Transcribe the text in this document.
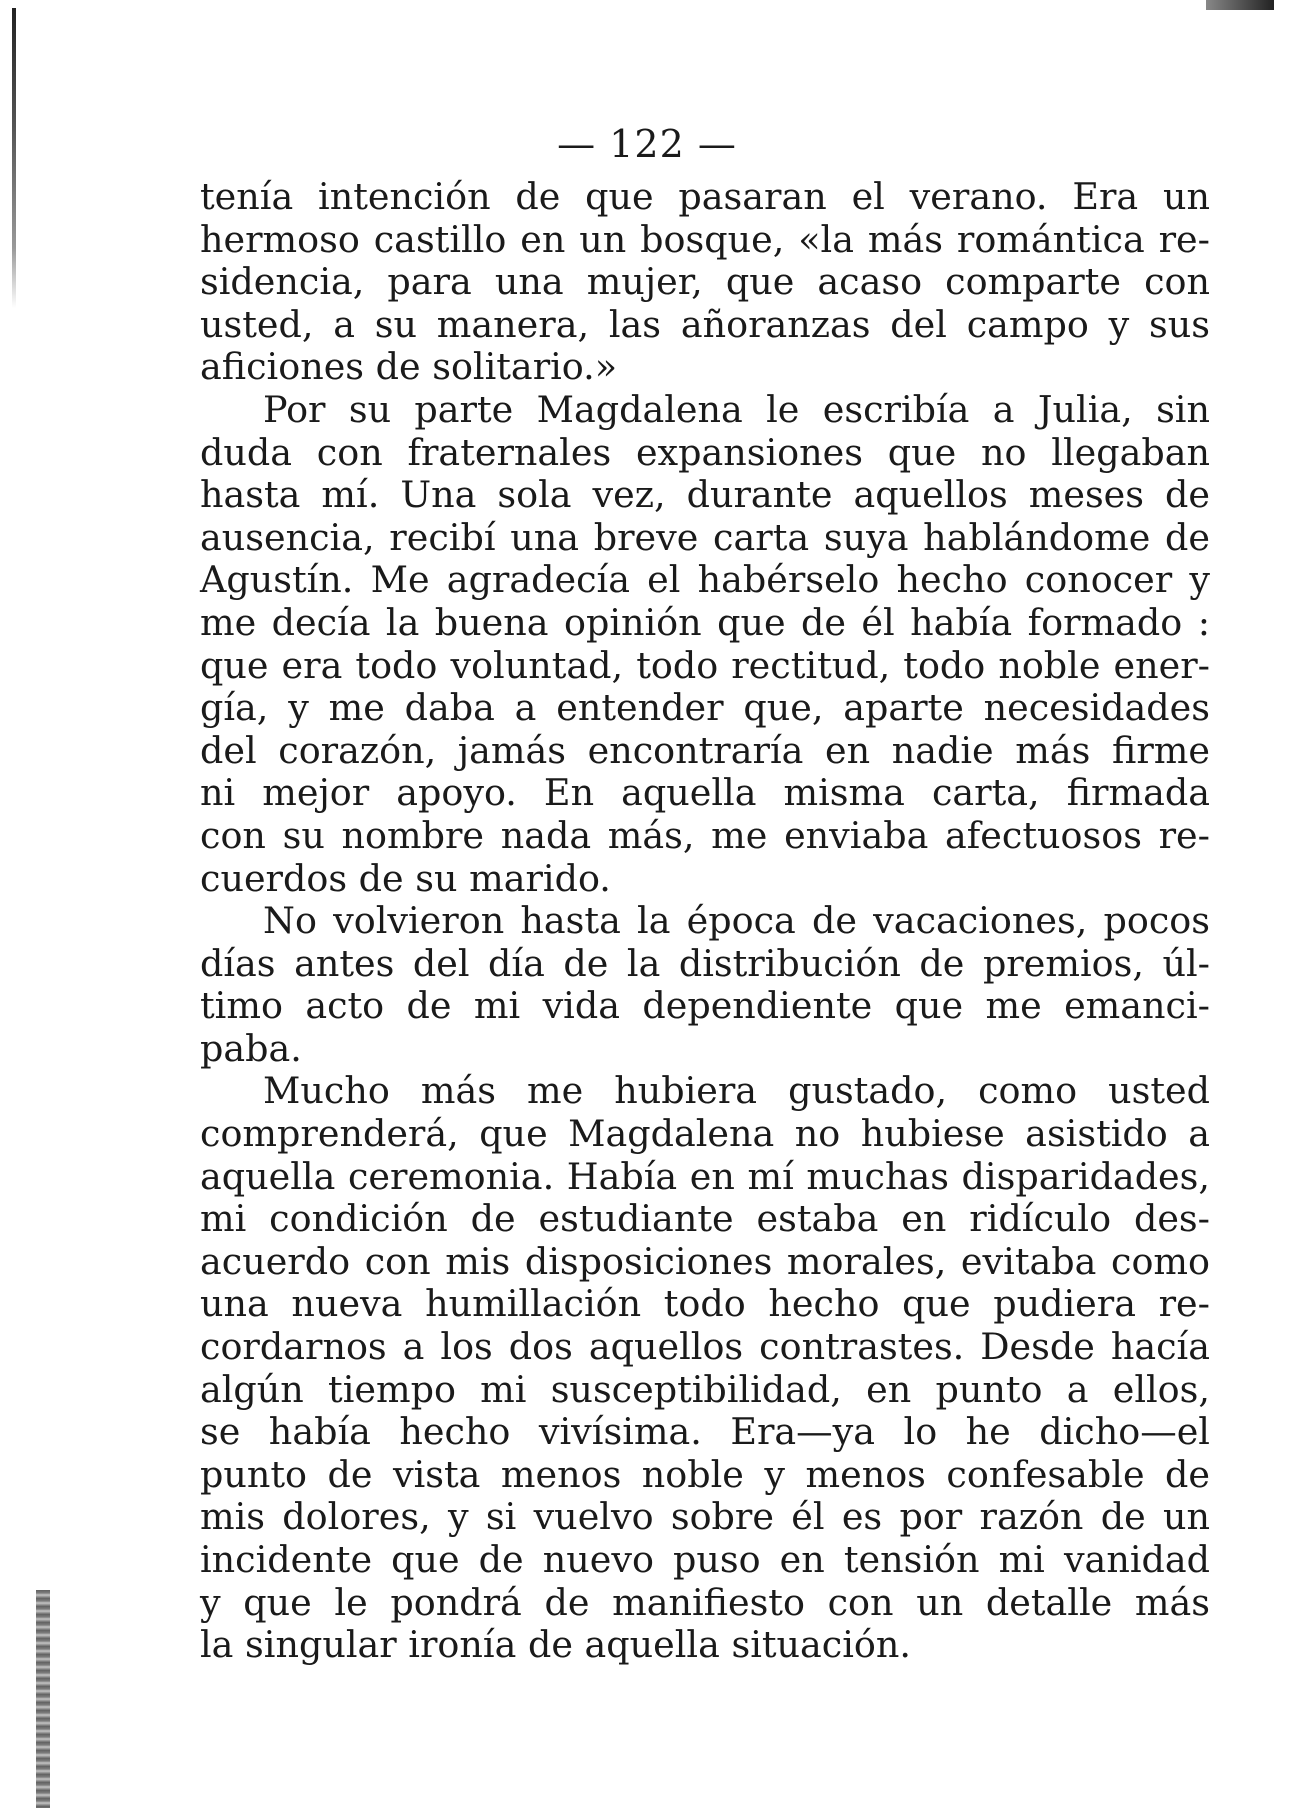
— 122 —
tenía intención de que pasaran el verano. Era un
hermoso castillo en un bosque, «la más romántica re-
sidencia, para una mujer, que acaso comparte con
usted, a su manera, las añoranzas del campo y sus
aficiones de solitario.»
Por su parte Magdalena le escribía a Julia, sin
duda con fraternales expansiones que no llegaban
hasta mí. Una sola vez, durante aquellos meses de
ausencia, recibí una breve carta suya hablándome de
Agustín. Me agradecía el habérselo hecho conocer y
me decía la buena opinión que de él había formado :
que era todo voluntad, todo rectitud, todo noble ener-
gía, y me daba a entender que, aparte necesidades
del corazón, jamás encontraría en nadie más firme
ni mejor apoyo. En aquella misma carta, firmada
con su nombre nada más, me enviaba afectuosos re-
cuerdos de su marido.
No volvieron hasta la época de vacaciones, pocos
días antes del día de la distribución de premios, úl-
timo acto de mi vida dependiente que me emanci-
paba.
Mucho más me hubiera gustado, como usted
comprenderá, que Magdalena no hubiese asistido a
aquella ceremonia. Había en mí muchas disparidades,
mi condición de estudiante estaba en ridículo des-
acuerdo con mis disposiciones morales, evitaba como
una nueva humillación todo hecho que pudiera re-
cordarnos a los dos aquellos contrastes. Desde hacía
algún tiempo mi susceptibilidad, en punto a ellos,
se había hecho vivísima. Era—ya lo he dicho—el
punto de vista menos noble y menos confesable de
mis dolores, y si vuelvo sobre él es por razón de un
incidente que de nuevo puso en tensión mi vanidad
y que le pondrá de manifiesto con un detalle más
la singular ironía de aquella situación.
